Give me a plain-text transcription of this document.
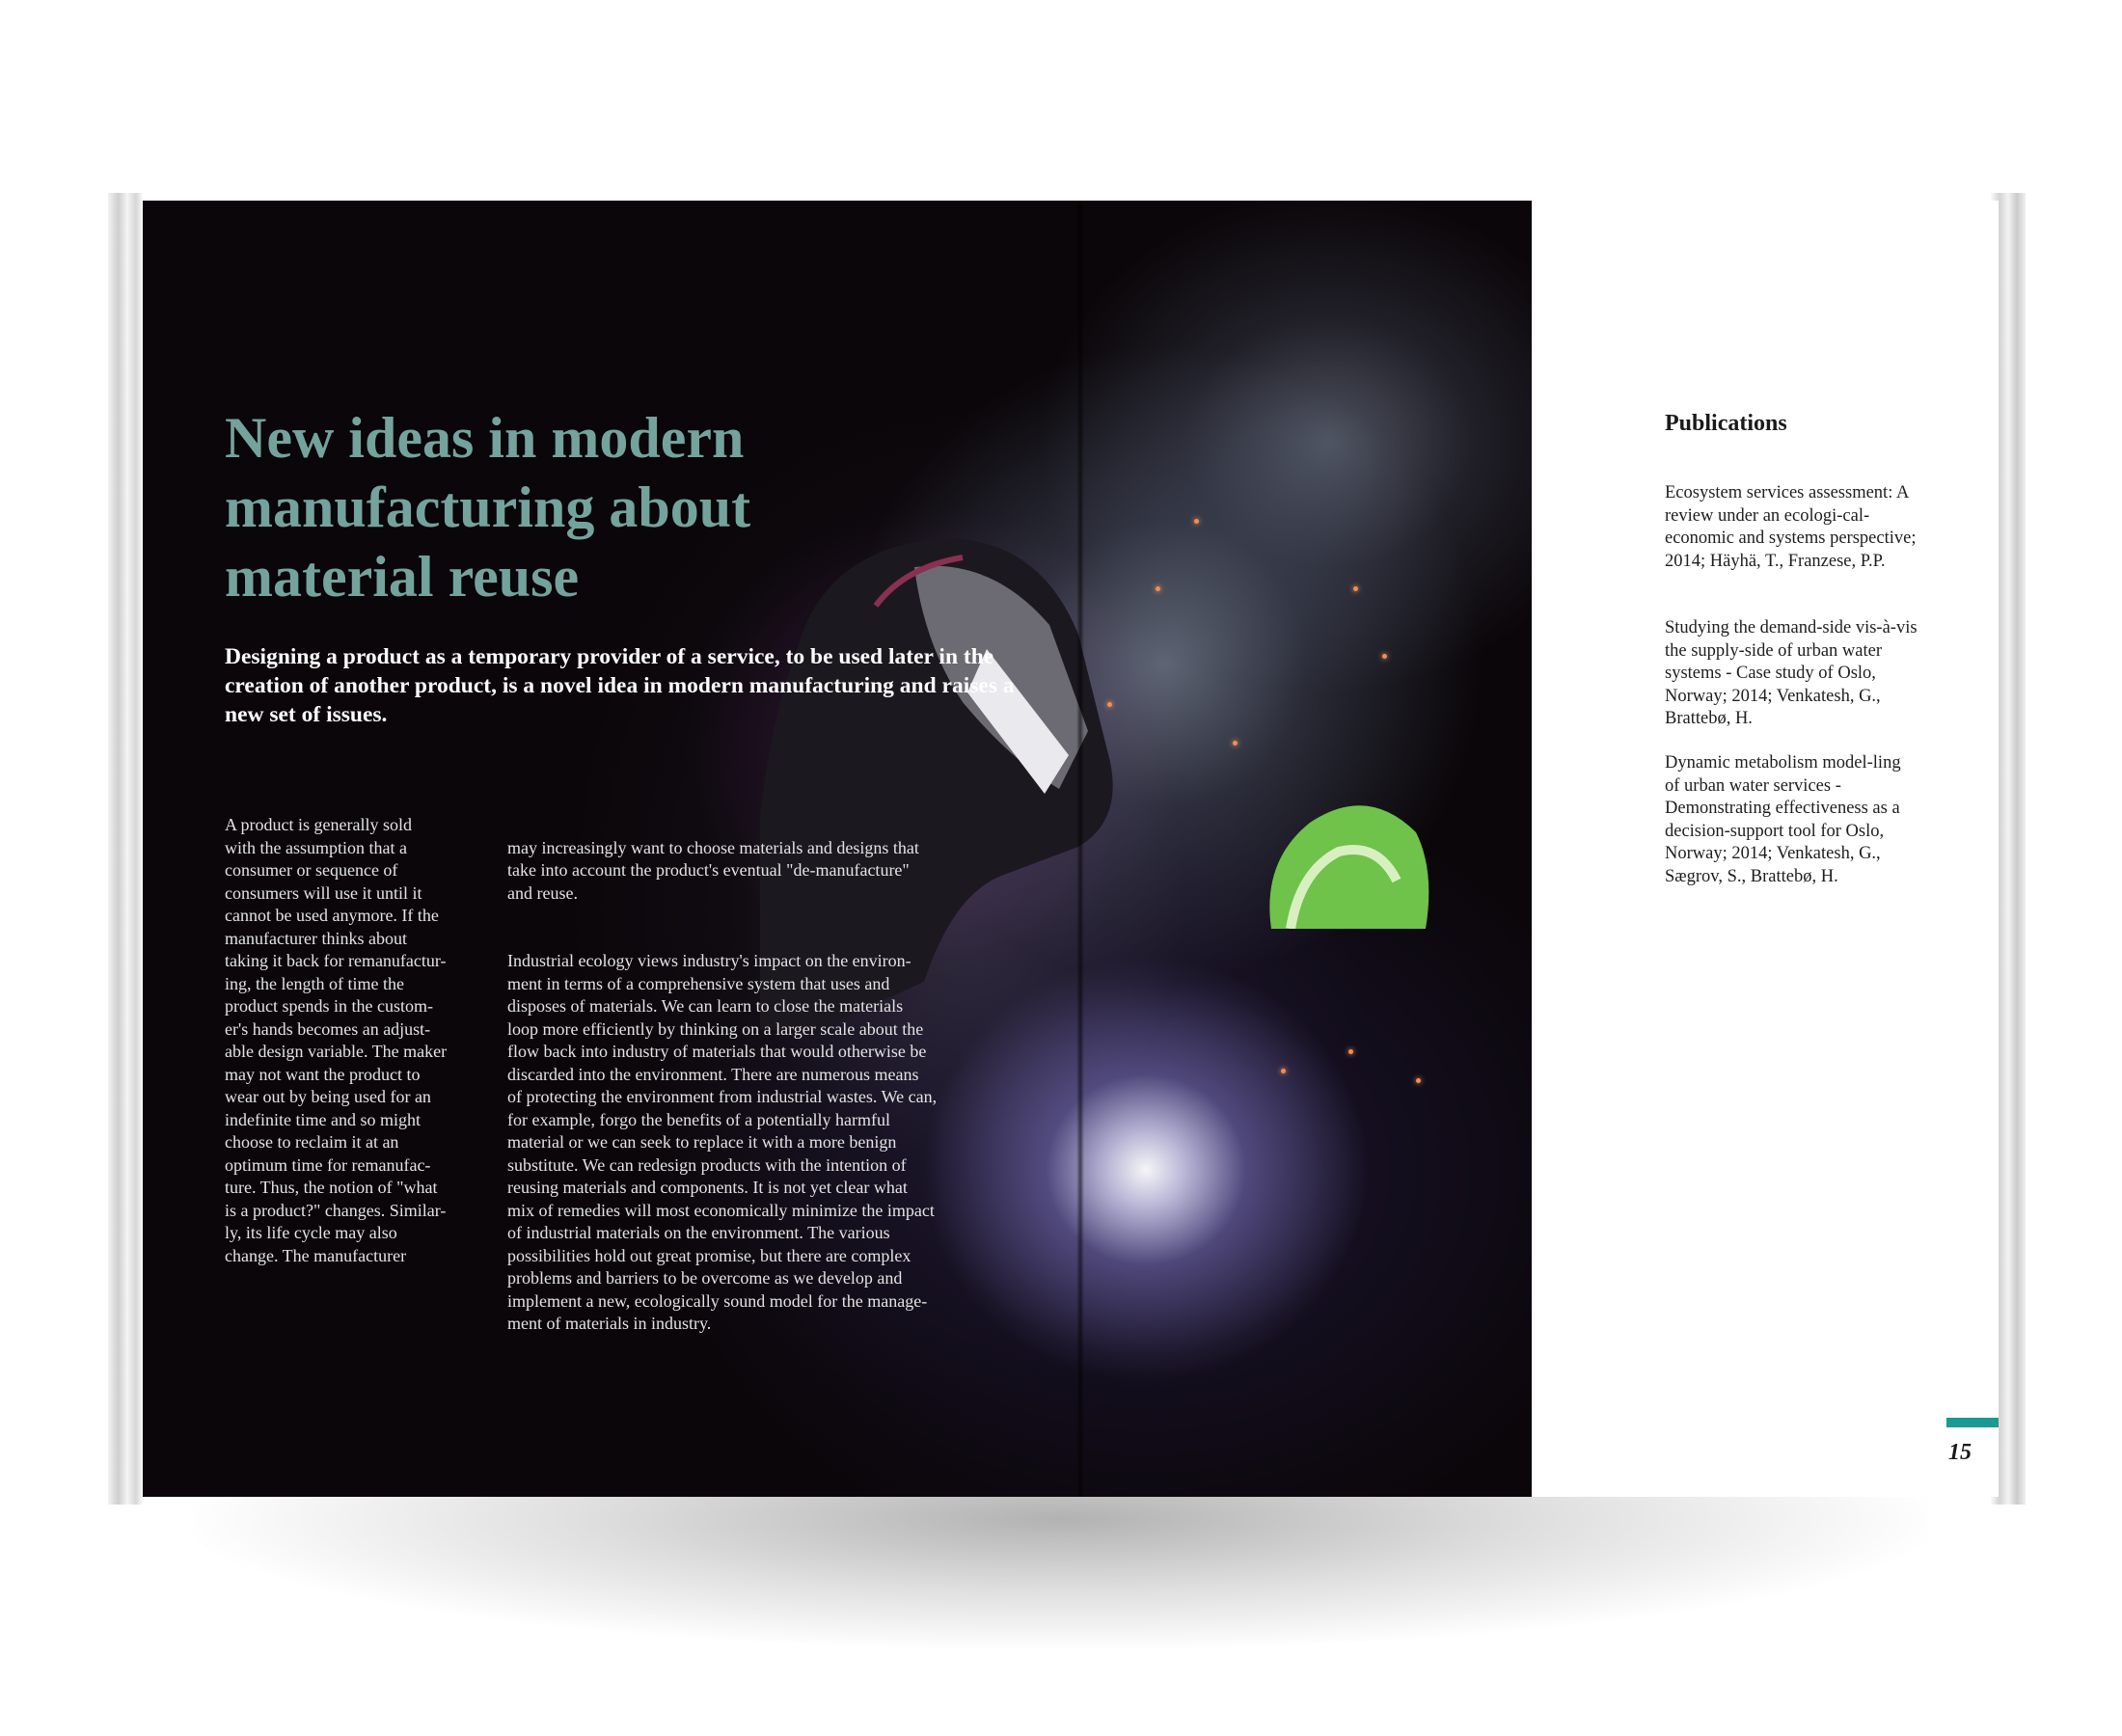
New ideas in modern manufacturing about material reuse

Designing a product as a temporary provider of a service, to be used later in the creation of another product, is a novel idea in modern manufacturing and raises a new set of issues.

A product is generally sold
with the assumption that a
consumer or sequence of
consumers will use it until it
cannot be used anymore. If the
manufacturer thinks about
taking it back for remanufactur-
ing, the length of time the
product spends in the custom-
er's hands becomes an adjust-
able design variable. The maker
may not want the product to
wear out by being used for an
indefinite time and so might
choose to reclaim it at an
optimum time for remanufac-
ture. Thus, the notion of "what
is a product?" changes. Similar-
ly, its life cycle may also
change. The manufacturer

may increasingly want to choose materials and designs that
take into account the product's eventual "de-manufacture"
and reuse.

Industrial ecology views industry's impact on the environ-
ment in terms of a comprehensive system that uses and
disposes of materials. We can learn to close the materials
loop more efficiently by thinking on a larger scale about the
flow back into industry of materials that would otherwise be
discarded into the environment. There are numerous means
of protecting the environment from industrial wastes. We can,
for example, forgo the benefits of a potentially harmful
material or we can seek to replace it with a more benign
substitute. We can redesign products with the intention of
reusing materials and components. It is not yet clear what
mix of remedies will most economically minimize the impact
of industrial materials on the environment. The various
possibilities hold out great promise, but there are complex
problems and barriers to be overcome as we develop and
implement a new, ecologically sound model for the manage-
ment of materials in industry.

Publications

Ecosystem services assessment: A review under an ecologi-cal-economic and systems perspective; 2014; Häyhä, T., Franzese, P.P.

Studying the demand-side vis-à-vis the supply-side of urban water systems - Case study of Oslo, Norway; 2014; Venkatesh, G., Brattebø, H.

Dynamic metabolism model-ling of urban water services - Demonstrating effectiveness as a decision-support tool for Oslo, Norway; 2014; Venkatesh, G., Sægrov, S., Brattebø, H.

15
